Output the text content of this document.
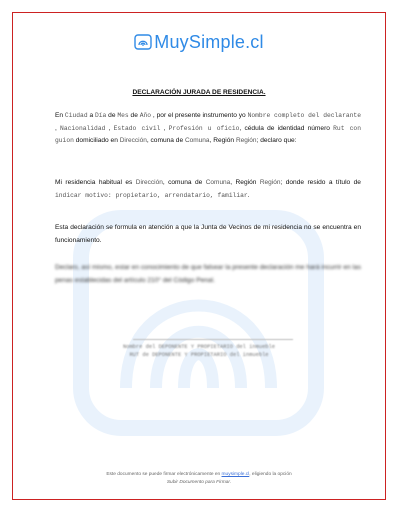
MuySimple.cl
DECLARACIÓN JURADA DE RESIDENCIA.
En Ciudad a Día de Mes de Año , por el presente instrumento yo Nombre completo del declarante , Nacionalidad , Estado civil , Profesión u oficio, cédula de identidad número Rut con guion domiciliado en Dirección, comuna de Comuna, Región Región; declaro que:
Mi residencia habitual es Dirección, comuna de Comuna, Región Región; donde resido a título de indicar motivo: propietario, arrendatario, familiar.
Esta declaración se formula en atención a que la Junta de Vecinos de mi residencia no se encuentra en funcionamiento.
Declaro, así mismo, estar en conocimiento de que falsear la presente declaración me hará incurrir en las penas establecidas del artículo 210° del Código Penal.
Nombre del DEPONENTE Y PROPIETARIO del inmueble
RUT de DEPONENTE Y PROPIETARIO del inmueble
Este documento se puede firmar electrónicamente en muysimple.cl, eligiendo la opción
Subir Documento para Firmar.
